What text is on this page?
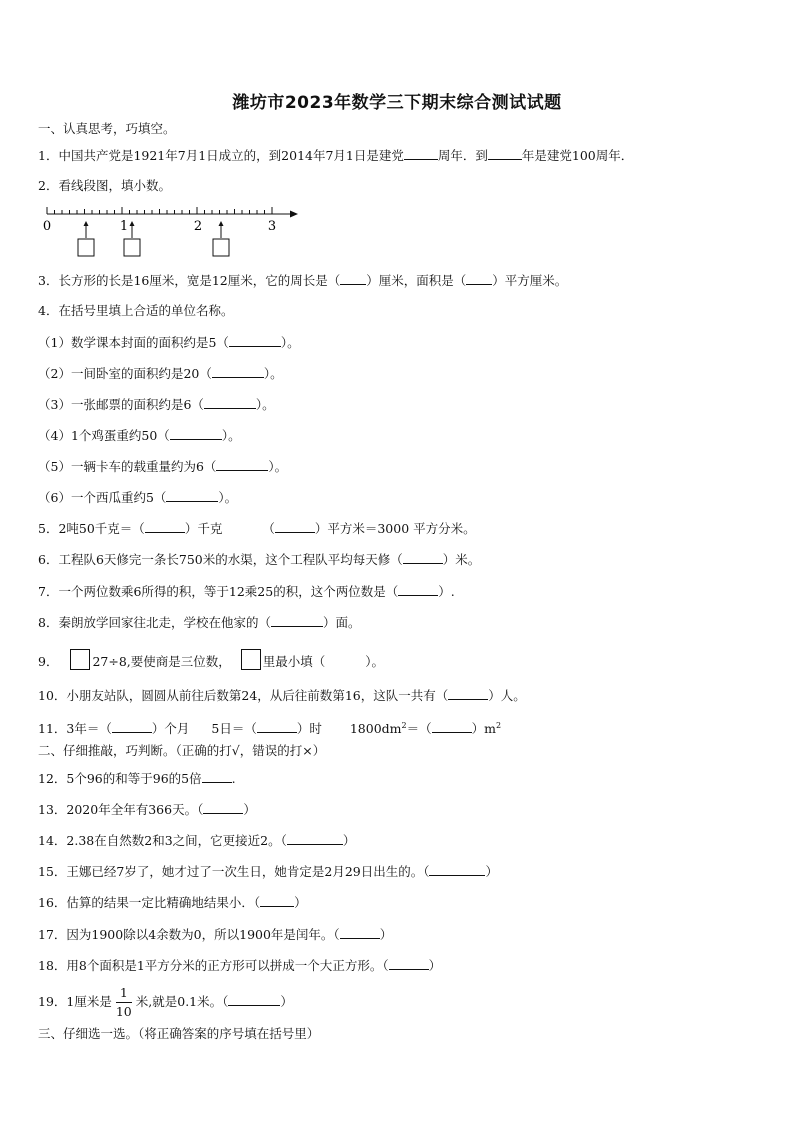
潍坊市2023年数学三下期末综合测试试题
一、认真思考，巧填空。
1．中国共产党是1921年7月1日成立的，到2014年7月1日是建党	周年．到	年是建党100周年．
2．看线段图，填小数。
0	1	2	3
3．长方形的长是16厘米，宽是12厘米，它的周长是（ ）厘米，面积是（ ）平方厘米。
4．在括号里填上合适的单位名称。
（1）数学课本封面的面积约是5（	）。
（2）一间卧室的面积约是20（	）。
（3）一张邮票的面积约是6（	）。
（4）1个鸡蛋重约50（	）。
（5）一辆卡车的载重量约为6（	）。
（6）一个西瓜重约5（	）。
5．2吨50千克＝（	）千克	（	）平方米＝3000 平方分米。
6．工程队6天修完一条长750米的水渠，这个工程队平均每天修（	）米。
7．一个两位数乘6所得的积，等于12乘25的积，这个两位数是（	）.
8．秦朗放学回家往北走，学校在他家的（	）面。
9．	27÷8,要使商是三位数，	里最小填（	）。
10．小朋友站队，圆圆从前往后数第24，从后往前数第16，这队一共有（	）人。
11．3年＝（	）个月 5日＝（	）时 $1800dm^2=$（	）$m^2$
二、仔细推敲，巧判断。（正确的打√，错误的打×）
12．5个96的和等于96的5倍 .
13．2020年全年有366天。（	）
14．2.38在自然数2和3之间，它更接近2。（	）
15．王娜已经7岁了，她才过了一次生日，她肯定是2月29日出生的。（	）
16．估算的结果一定比精确地结果小．（	）
17．因为1900除以4余数为0，所以1900年是闰年。（	）
18．用8个面积是1平方分米的正方形可以拼成一个大正方形。（	）
19．1厘米是 $\frac{1}{10}$ 米,就是0.1米。（	）
三、仔细选一选。（将正确答案的序号填在括号里）
